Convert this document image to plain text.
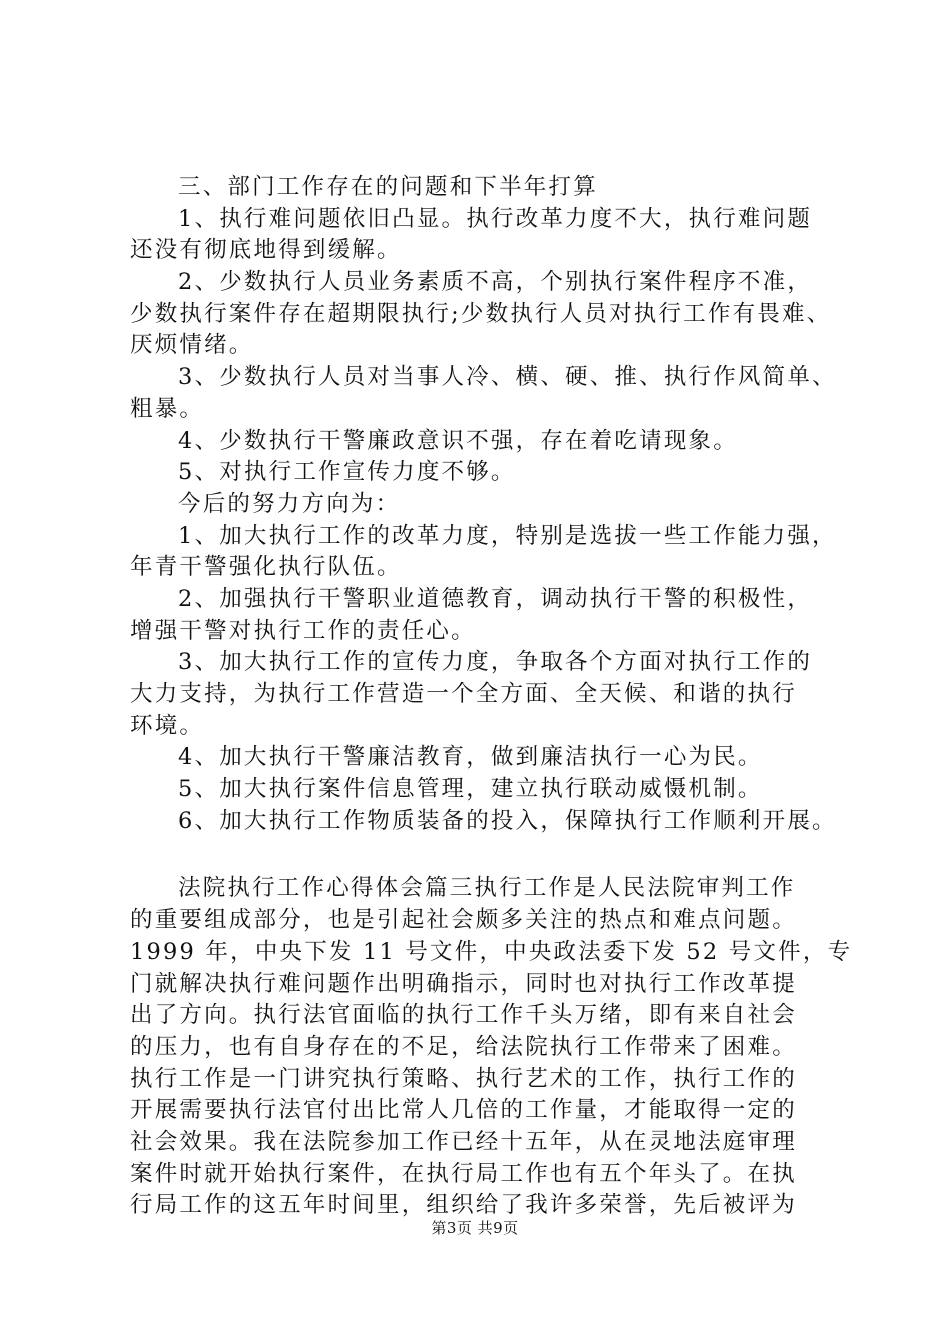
三、部门工作存在的问题和下半年打算
1、执行难问题依旧凸显。执行改革力度不大，执行难问题
还没有彻底地得到缓解。
2、少数执行人员业务素质不高，个别执行案件程序不准，
少数执行案件存在超期限执行;少数执行人员对执行工作有畏难、
厌烦情绪。
3、少数执行人员对当事人冷、横、硬、推、执行作风简单、
粗暴。
4、少数执行干警廉政意识不强，存在着吃请现象。
5、对执行工作宣传力度不够。
今后的努力方向为：
1、加大执行工作的改革力度，特别是选拔一些工作能力强，
年青干警强化执行队伍。
2、加强执行干警职业道德教育，调动执行干警的积极性，
增强干警对执行工作的责任心。
3、加大执行工作的宣传力度，争取各个方面对执行工作的
大力支持，为执行工作营造一个全方面、全天候、和谐的执行
环境。
4、加大执行干警廉洁教育，做到廉洁执行一心为民。
5、加大执行案件信息管理，建立执行联动威慑机制。
6、加大执行工作物质装备的投入，保障执行工作顺利开展。
法院执行工作心得体会篇三执行工作是人民法院审判工作
的重要组成部分，也是引起社会颇多关注的热点和难点问题。
1999 年，中央下发 11 号文件，中央政法委下发 52 号文件，专
门就解决执行难问题作出明确指示，同时也对执行工作改革提
出了方向。执行法官面临的执行工作千头万绪，即有来自社会
的压力，也有自身存在的不足，给法院执行工作带来了困难。
执行工作是一门讲究执行策略、执行艺术的工作，执行工作的
开展需要执行法官付出比常人几倍的工作量，才能取得一定的
社会效果。我在法院参加工作已经十五年，从在灵地法庭审理
案件时就开始执行案件，在执行局工作也有五个年头了。在执
行局工作的这五年时间里，组织给了我许多荣誉，先后被评为
第3页 共9页
